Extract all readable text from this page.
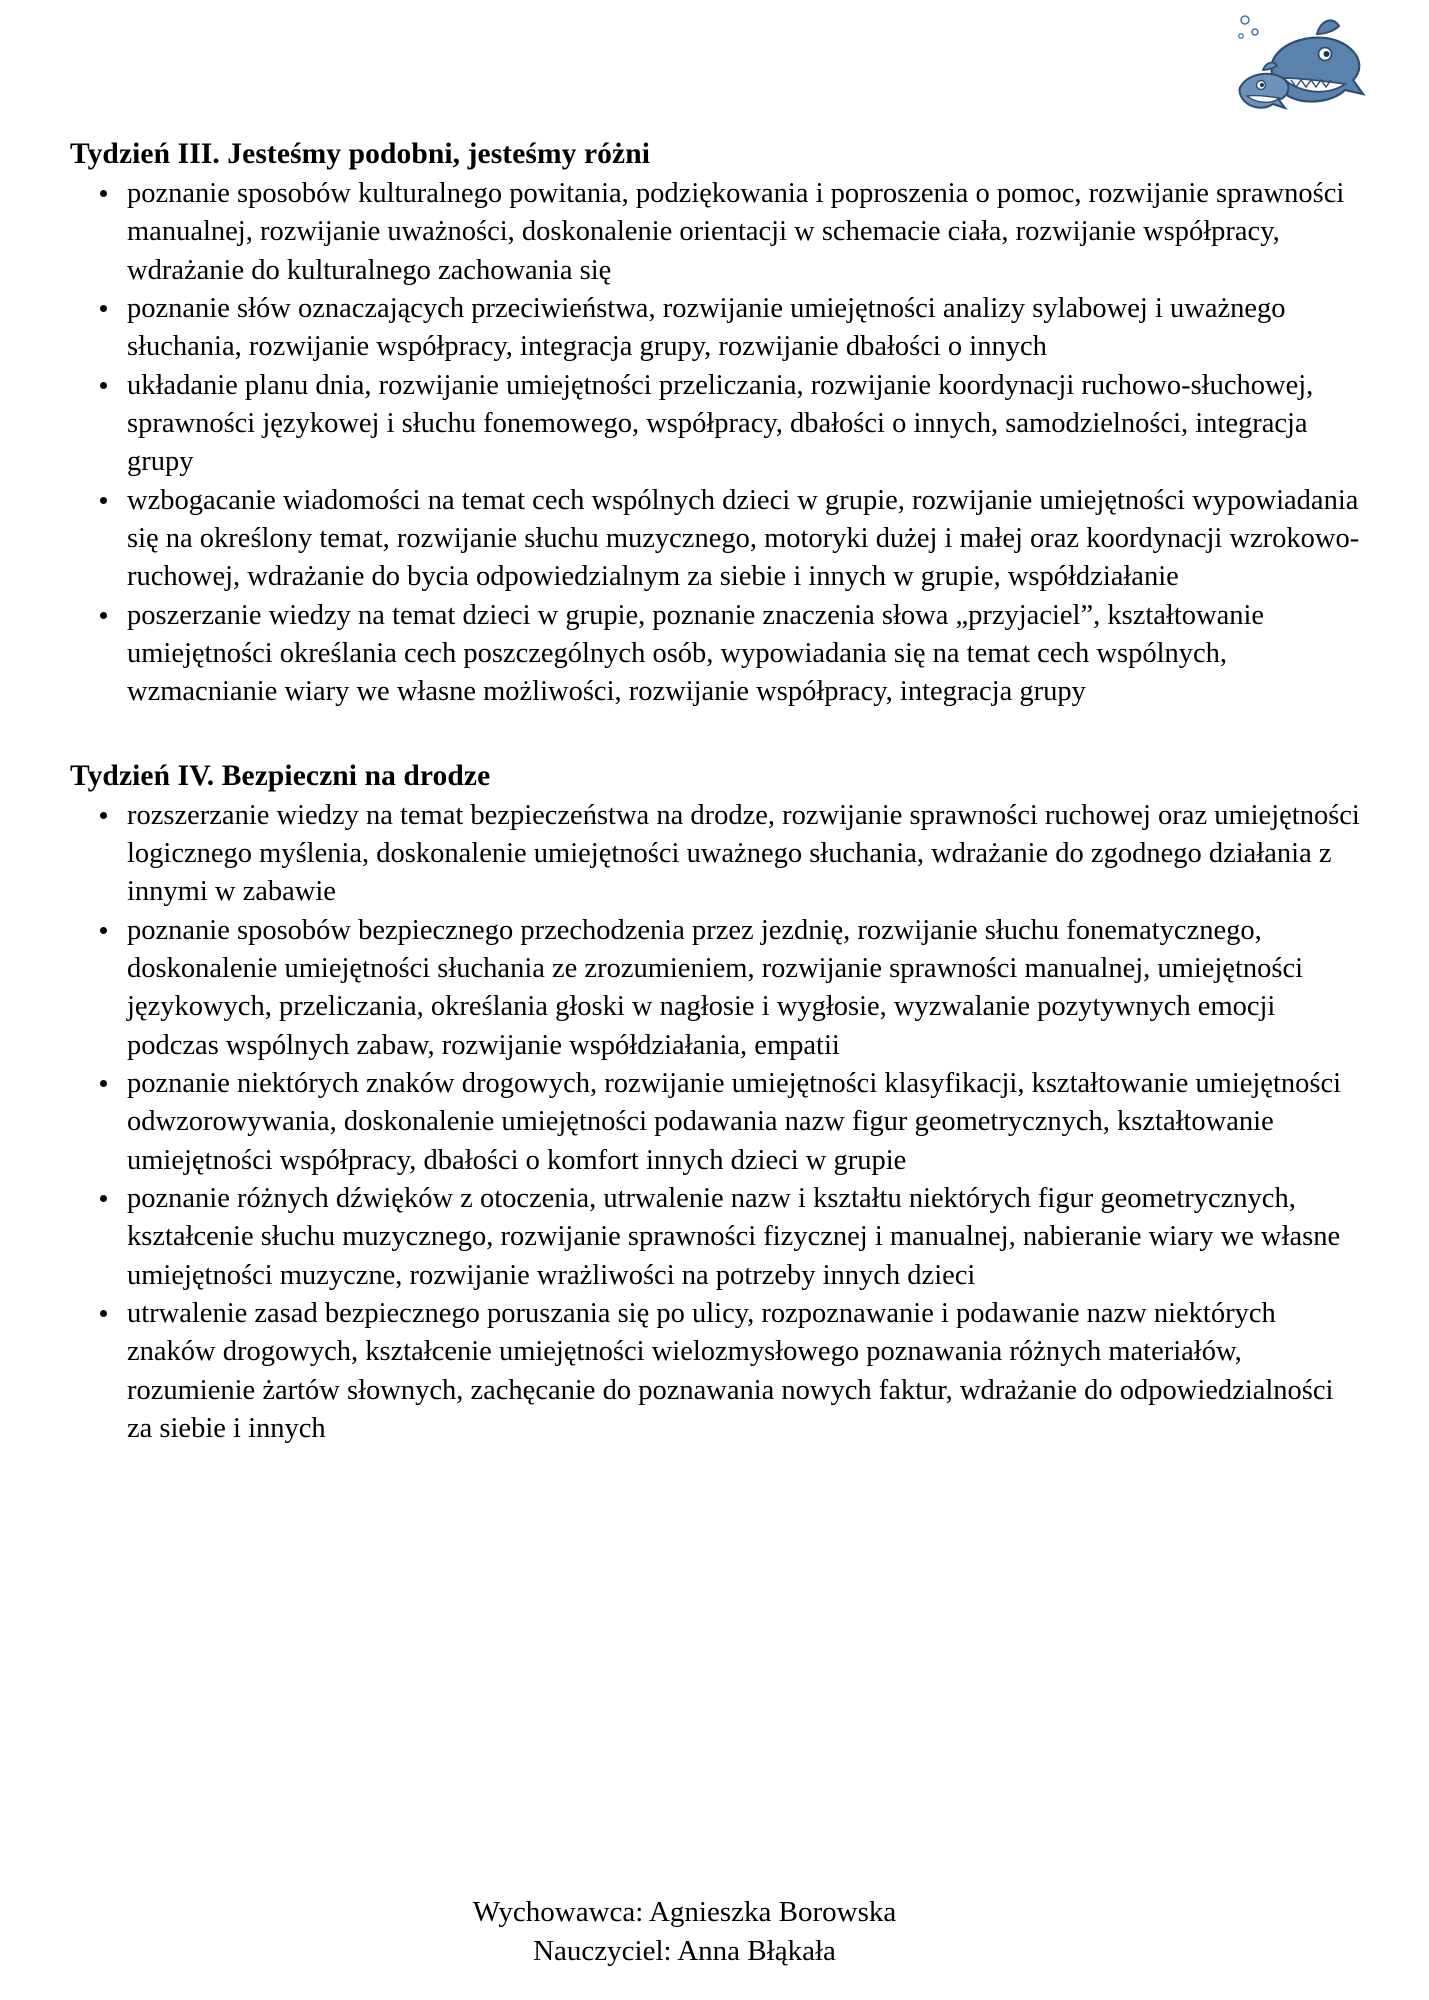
Tydzień III. Jesteśmy podobni, jesteśmy różni
poznanie sposobów kulturalnego powitania, podziękowania i poproszenia o pomoc, rozwijanie sprawności manualnej, rozwijanie uważności, doskonalenie orientacji w schemacie ciała, rozwijanie współpracy, wdrażanie do kulturalnego zachowania się
poznanie słów oznaczających przeciwieństwa, rozwijanie umiejętności analizy sylabowej i uważnego słuchania, rozwijanie współpracy, integracja grupy, rozwijanie dbałości o innych
układanie planu dnia, rozwijanie umiejętności przeliczania, rozwijanie koordynacji ruchowo-słuchowej, sprawności językowej i słuchu fonemowego, współpracy, dbałości o innych, samodzielności, integracja grupy
wzbogacanie wiadomości na temat cech wspólnych dzieci w grupie, rozwijanie umiejętności wypowiadania się na określony temat, rozwijanie słuchu muzycznego, motoryki dużej i małej oraz koordynacji wzrokowo-ruchowej, wdrażanie do bycia odpowiedzialnym za siebie i innych w grupie, współdziałanie
poszerzanie wiedzy na temat dzieci w grupie, poznanie znaczenia słowa „przyjaciel”, kształtowanie umiejętności określania cech poszczególnych osób, wypowiadania się na temat cech wspólnych, wzmacnianie wiary we własne możliwości, rozwijanie współpracy, integracja grupy
Tydzień IV. Bezpieczni na drodze
rozszerzanie wiedzy na temat bezpieczeństwa na drodze, rozwijanie sprawności ruchowej oraz umiejętności logicznego myślenia, doskonalenie umiejętności uważnego słuchania, wdrażanie do zgodnego działania z innymi w zabawie
poznanie sposobów bezpiecznego przechodzenia przez jezdnię, rozwijanie słuchu fonematycznego, doskonalenie umiejętności słuchania ze zrozumieniem, rozwijanie sprawności manualnej, umiejętności językowych, przeliczania, określania głoski w nagłosie i wygłosie, wyzwalanie pozytywnych emocji podczas wspólnych zabaw, rozwijanie współdziałania, empatii
poznanie niektórych znaków drogowych, rozwijanie umiejętności klasyfikacji, kształtowanie umiejętności odwzorowywania, doskonalenie umiejętności podawania nazw figur geometrycznych, kształtowanie umiejętności współpracy, dbałości o komfort innych dzieci w grupie
poznanie różnych dźwięków z otoczenia, utrwalenie nazw i kształtu niektórych figur geometrycznych, kształcenie słuchu muzycznego, rozwijanie sprawności fizycznej i manualnej, nabieranie wiary we własne umiejętności muzyczne, rozwijanie wrażliwości na potrzeby innych dzieci
utrwalenie zasad bezpiecznego poruszania się po ulicy, rozpoznawanie i podawanie nazw niektórych znaków drogowych, kształcenie umiejętności wielozmysłowego poznawania różnych materiałów, rozumienie żartów słownych, zachęcanie do poznawania nowych faktur, wdrażanie do odpowiedzialności za siebie i innych
Wychowawca: Agnieszka Borowska
Nauczyciel: Anna Błąkała
